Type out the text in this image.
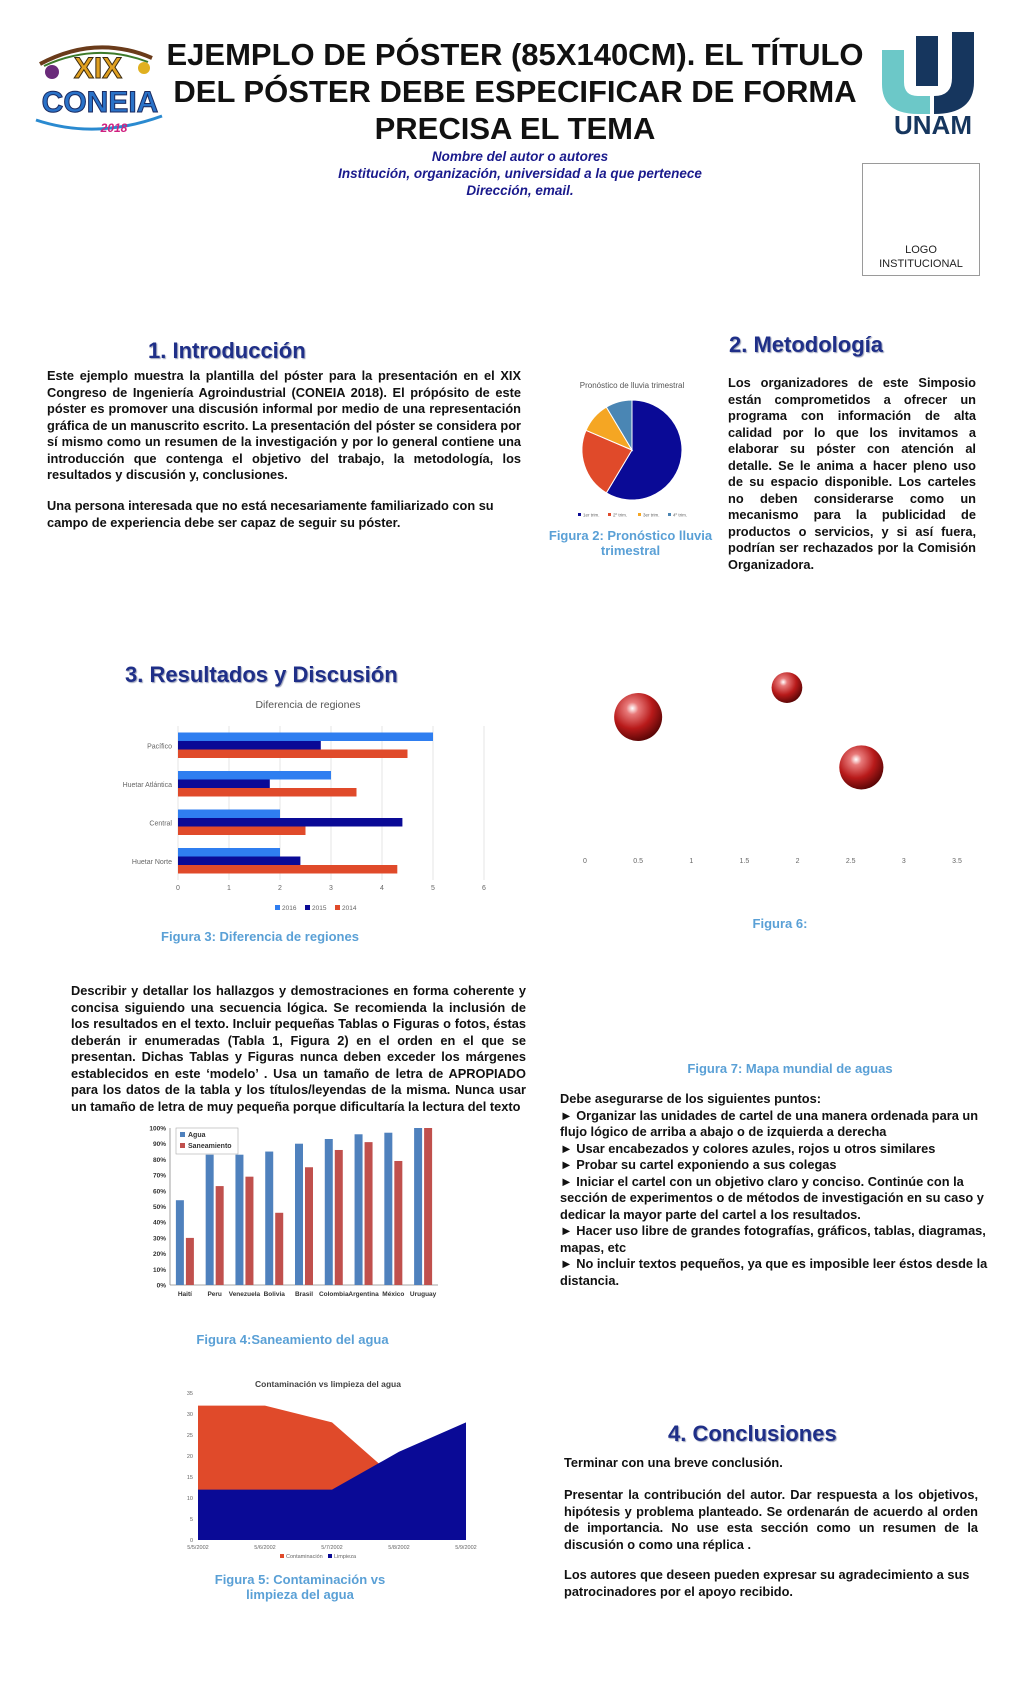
XIX
CONEIA
2018
EJEMPLO DE PÓSTER (85X140CM). EL TÍTULO DEL PÓSTER DEBE ESPECIFICAR DE FORMA PRECISA EL TEMA
Nombre del autor o autores
Institución, organización, universidad a la que pertenece
Dirección, email.
UNAM
LOGO INSTITUCIONAL
1. Introducción
Este ejemplo muestra la plantilla del póster para la presentación en el XIX Congreso de Ingeniería Agroindustrial (CONEIA 2018). El própósito de este póster es promover una discusión informal por medio de una representación gráfica de un manuscrito escrito. La presentación del póster se considera por sí mismo como un resumen de la investigación y por lo general contiene una introducción que contenga el objetivo del trabajo, la metodología, los resultados y discusión y, conclusiones.
Una persona interesada que no está necesariamente familiarizado con su campo de experiencia debe ser capaz de seguir su póster.
Pronóstico de lluvia trimestral
1er trim.	2º trim.	3er trim.	4º trim.
Figura 2: Pronóstico lluvia trimestral
2. Metodología
Los organizadores de este Simposio están comprometidos a ofrecer un programa con información de alta calidad por lo que los invitamos a elaborar su póster con atención al detalle. Se le anima a hacer pleno uso de su espacio disponible. Los carteles no deben considerarse como un mecanismo para la publicidad de productos o servicios, y si así fuera, podrían ser rechazados por la Comisión Organizadora.
3. Resultados y Discusión
Diferencia de regiones
Pacífico
Huetar Atlántica
Central
Huetar Norte
0	1	2	3	4	5	6
2016 2015 2014
Figura 3: Diferencia de regiones
0	0.5	1	1.5	2	2.5	3	3.5
Figura 6:
Describir y detallar los hallazgos y demostraciones en forma coherente y concisa siguiendo una secuencia lógica. Se recomienda la inclusión de los resultados en el texto. Incluir pequeñas Tablas o Figuras o fotos, éstas deberán ir enumeradas (Tabla 1, Figura 2) en el orden en el que se presentan. Dichas Tablas y Figuras nunca deben exceder los márgenes establecidos en este ‘modelo’ . Usa un tamaño de letra de APROPIADO para los datos de la tabla y los títulos/leyendas de la misma. Nunca usar un tamaño de letra de muy pequeña porque dificultaría la lectura del texto
0%
10%
20%
30%
40%
50%
60%
70%
80%
90%
100%
Haití Peru Venezuela Bolivia Brasil Colombia Argentina México Uruguay
Agua
Saneamiento
Figura 4:Saneamiento del agua
Figura 7: Mapa mundial de aguas

Debe asegurarse de los siguientes puntos:

► Organizar las unidades de cartel de una manera ordenada para un flujo lógico de arriba a abajo o de izquierda a derecha

► Usar encabezados y colores azules, rojos u otros similares

► Probar su cartel exponiendo a sus colegas

► Iniciar el cartel con un objetivo claro y conciso. Continúe con la sección de experimentos o de métodos de investigación en su caso y dedicar la mayor parte del cartel a los resultados.

► Hacer uso libre de grandes fotografías, gráficos, tablas, diagramas, mapas, etc

► No incluir textos pequeños, ya que es imposible leer éstos desde la distancia.

Contaminación vs limpieza del agua
0
5
10
15
20
25
30
35
5/5/2002	5/6/2002	5/7/2002	5/8/2002	5/9/2002
Contaminación Limpieza
Figura 5: Contaminación vs limpieza del agua
4. Conclusiones
Terminar con una breve conclusión.
Presentar la contribución del autor. Dar respuesta a los objetivos, hipótesis y problema planteado. Se ordenarán de acuerdo al orden de importancia. No use esta sección como un resumen de la discusión o como una réplica .
Los autores que deseen pueden expresar su agradecimiento a sus patrocinadores por el apoyo recibido.
